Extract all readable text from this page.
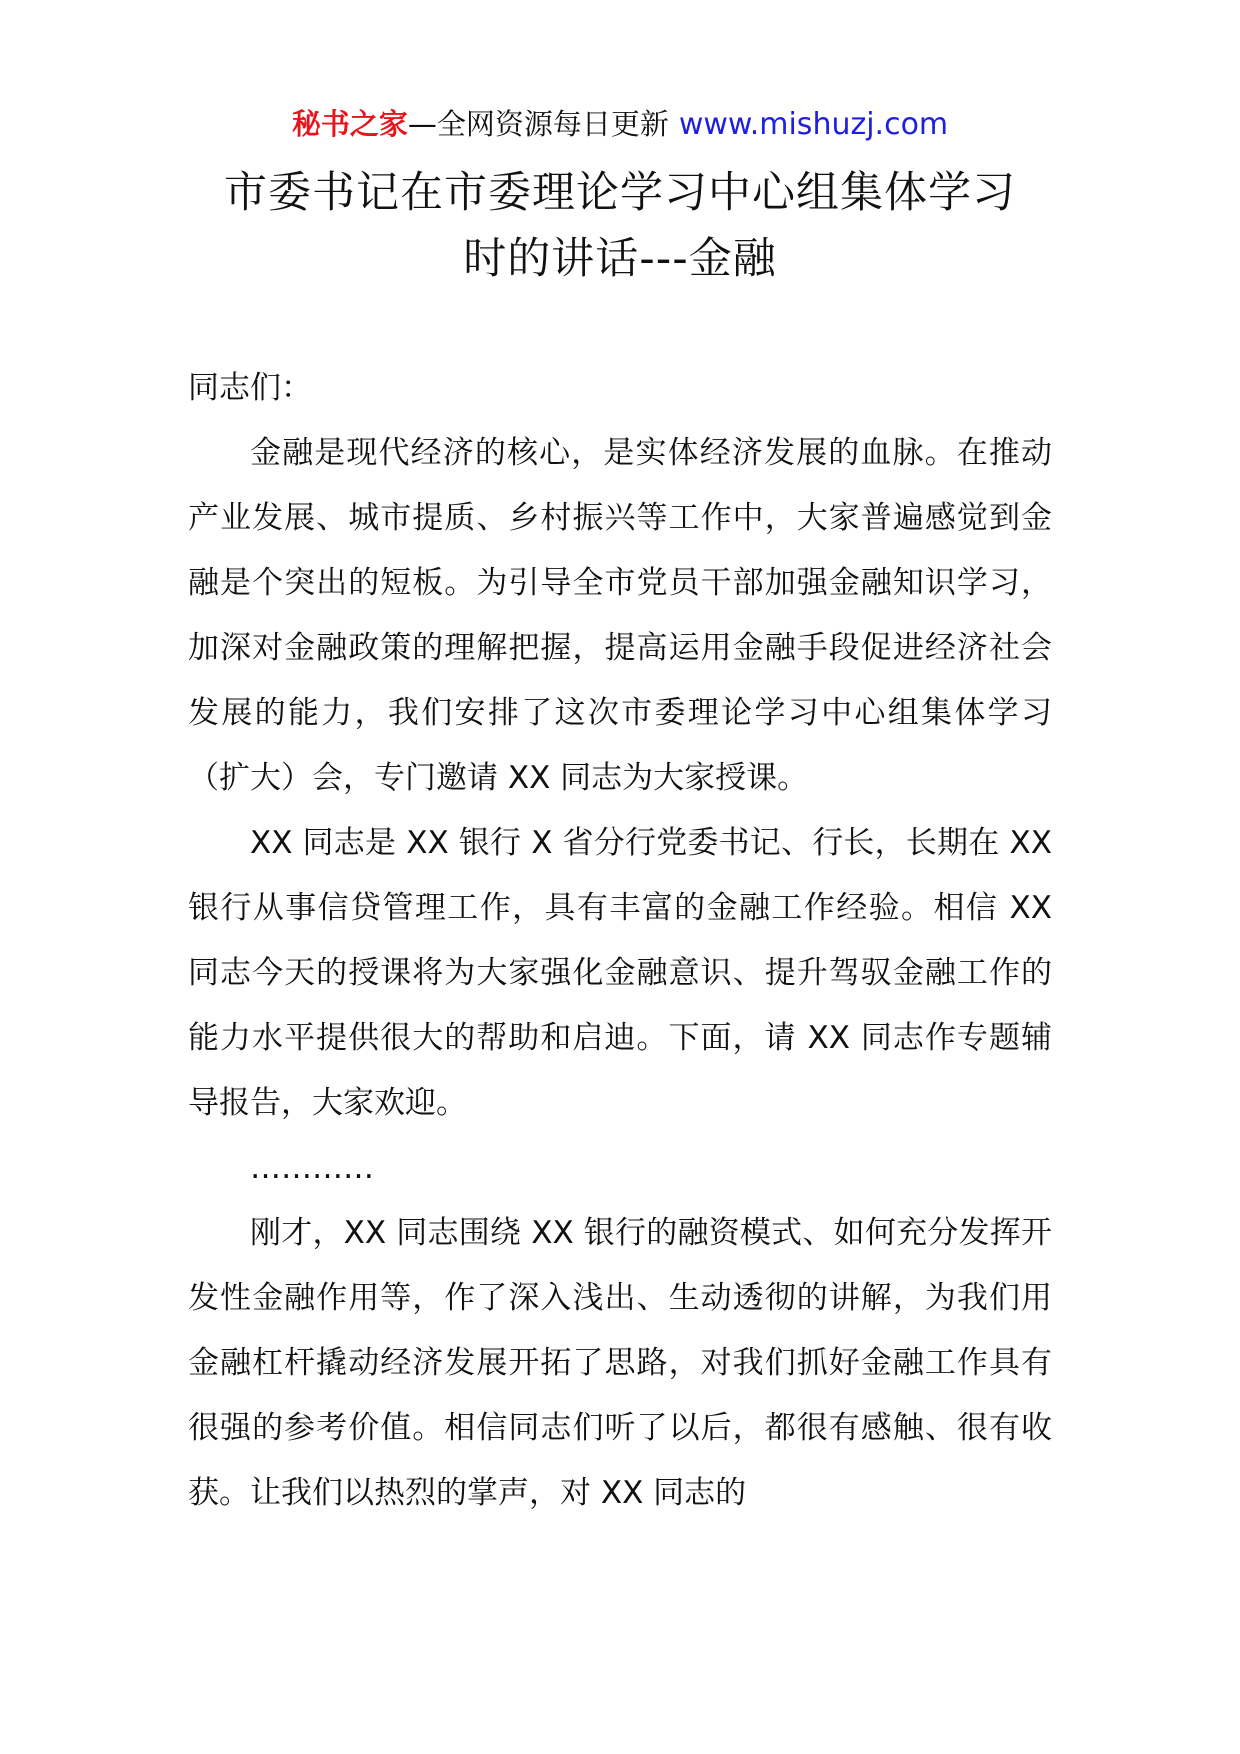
秘书之家—全网资源每日更新 www.mishuzj.com
市委书记在市委理论学习中心组集体学习
时的讲话---金融

同志们：

金融是现代经济的核心，是实体经济发展的血脉。在推动产业发展、城市提质、乡村振兴等工作中，大家普遍感觉到金融是个突出的短板。为引导全市党员干部加强金融知识学习，加深对金融政策的理解把握，提高运用金融手段促进经济社会发展的能力，我们安排了这次市委理论学习中心组集体学习（扩大）会，专门邀请 XX 同志为大家授课。

XX 同志是 XX 银行 X 省分行党委书记、行长，长期在 XX 银行从事信贷管理工作，具有丰富的金融工作经验。相信 XX 同志今天的授课将为大家强化金融意识、提升驾驭金融工作的能力水平提供很大的帮助和启迪。下面，请 XX 同志作专题辅导报告，大家欢迎。

…………

刚才，XX 同志围绕 XX 银行的融资模式、如何充分发挥开发性金融作用等，作了深入浅出、生动透彻的讲解，为我们用金融杠杆撬动经济发展开拓了思路，对我们抓好金融工作具有很强的参考价值。相信同志们听了以后，都很有感触、很有收获。让我们以热烈的掌声，对 XX 同志的
